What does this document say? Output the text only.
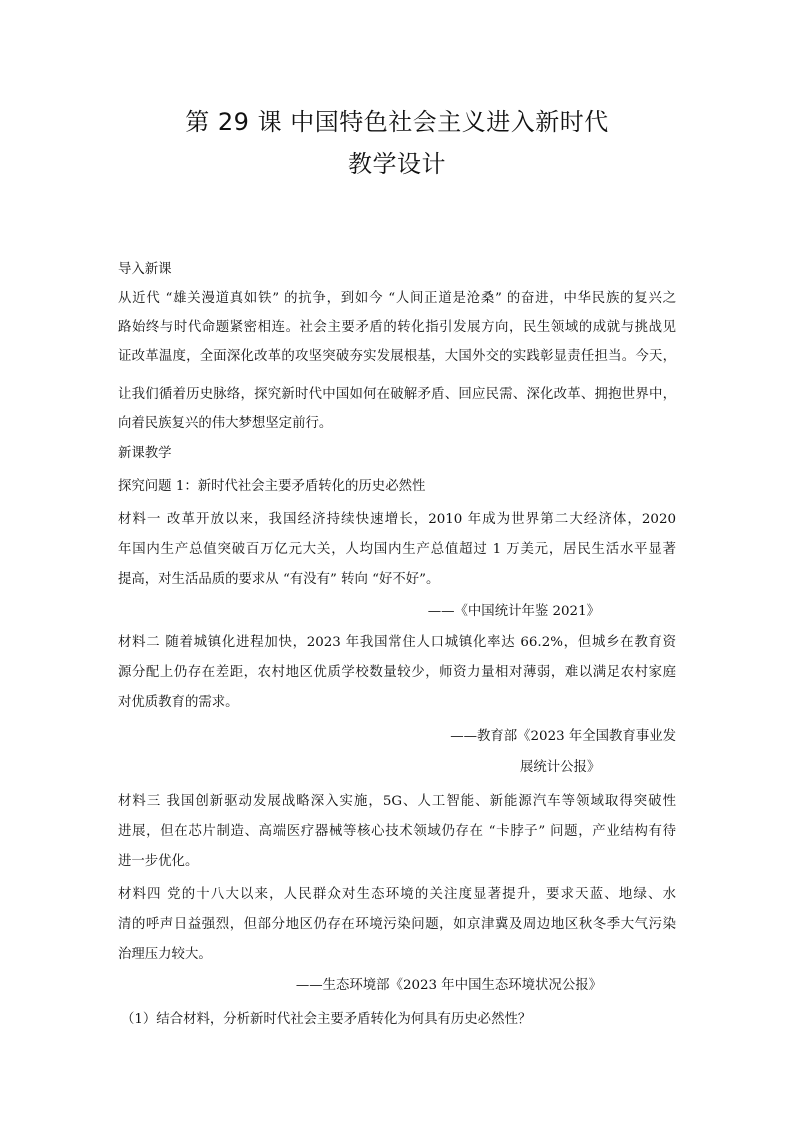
第 29 课 中国特色社会主义进入新时代
教学设计
导入新课
从近代 “雄关漫道真如铁” 的抗争，到如今 “人间正道是沧桑” 的奋进，中华民族的复兴之
路始终与时代命题紧密相连。社会主要矛盾的转化指引发展方向，民生领域的成就与挑战见
证改革温度，全面深化改革的攻坚突破夯实发展根基，大国外交的实践彰显责任担当。今天，
让我们循着历史脉络，探究新时代中国如何在破解矛盾、回应民需、深化改革、拥抱世界中，
向着民族复兴的伟大梦想坚定前行。
新课教学
探究问题 1：新时代社会主要矛盾转化的历史必然性
材料一 改革开放以来，我国经济持续快速增长，2010 年成为世界第二大经济体，2020
年国内生产总值突破百万亿元大关，人均国内生产总值超过 1 万美元，居民生活水平显著
提高，对生活品质的要求从 “有没有” 转向 “好不好”。
——《中国统计年鉴 2021》
材料二 随着城镇化进程加快，2023 年我国常住人口城镇化率达 66.2%，但城乡在教育资
源分配上仍存在差距，农村地区优质学校数量较少，师资力量相对薄弱，难以满足农村家庭
对优质教育的需求。
——教育部《2023 年全国教育事业发
展统计公报》
材料三 我国创新驱动发展战略深入实施，5G、人工智能、新能源汽车等领域取得突破性
进展，但在芯片制造、高端医疗器械等核心技术领域仍存在 “卡脖子” 问题，产业结构有待
进一步优化。
材料四 党的十八大以来，人民群众对生态环境的关注度显著提升，要求天蓝、地绿、水
清的呼声日益强烈，但部分地区仍存在环境污染问题，如京津冀及周边地区秋冬季大气污染
治理压力较大。
——生态环境部《2023 年中国生态环境状况公报》
（1）结合材料，分析新时代社会主要矛盾转化为何具有历史必然性？
